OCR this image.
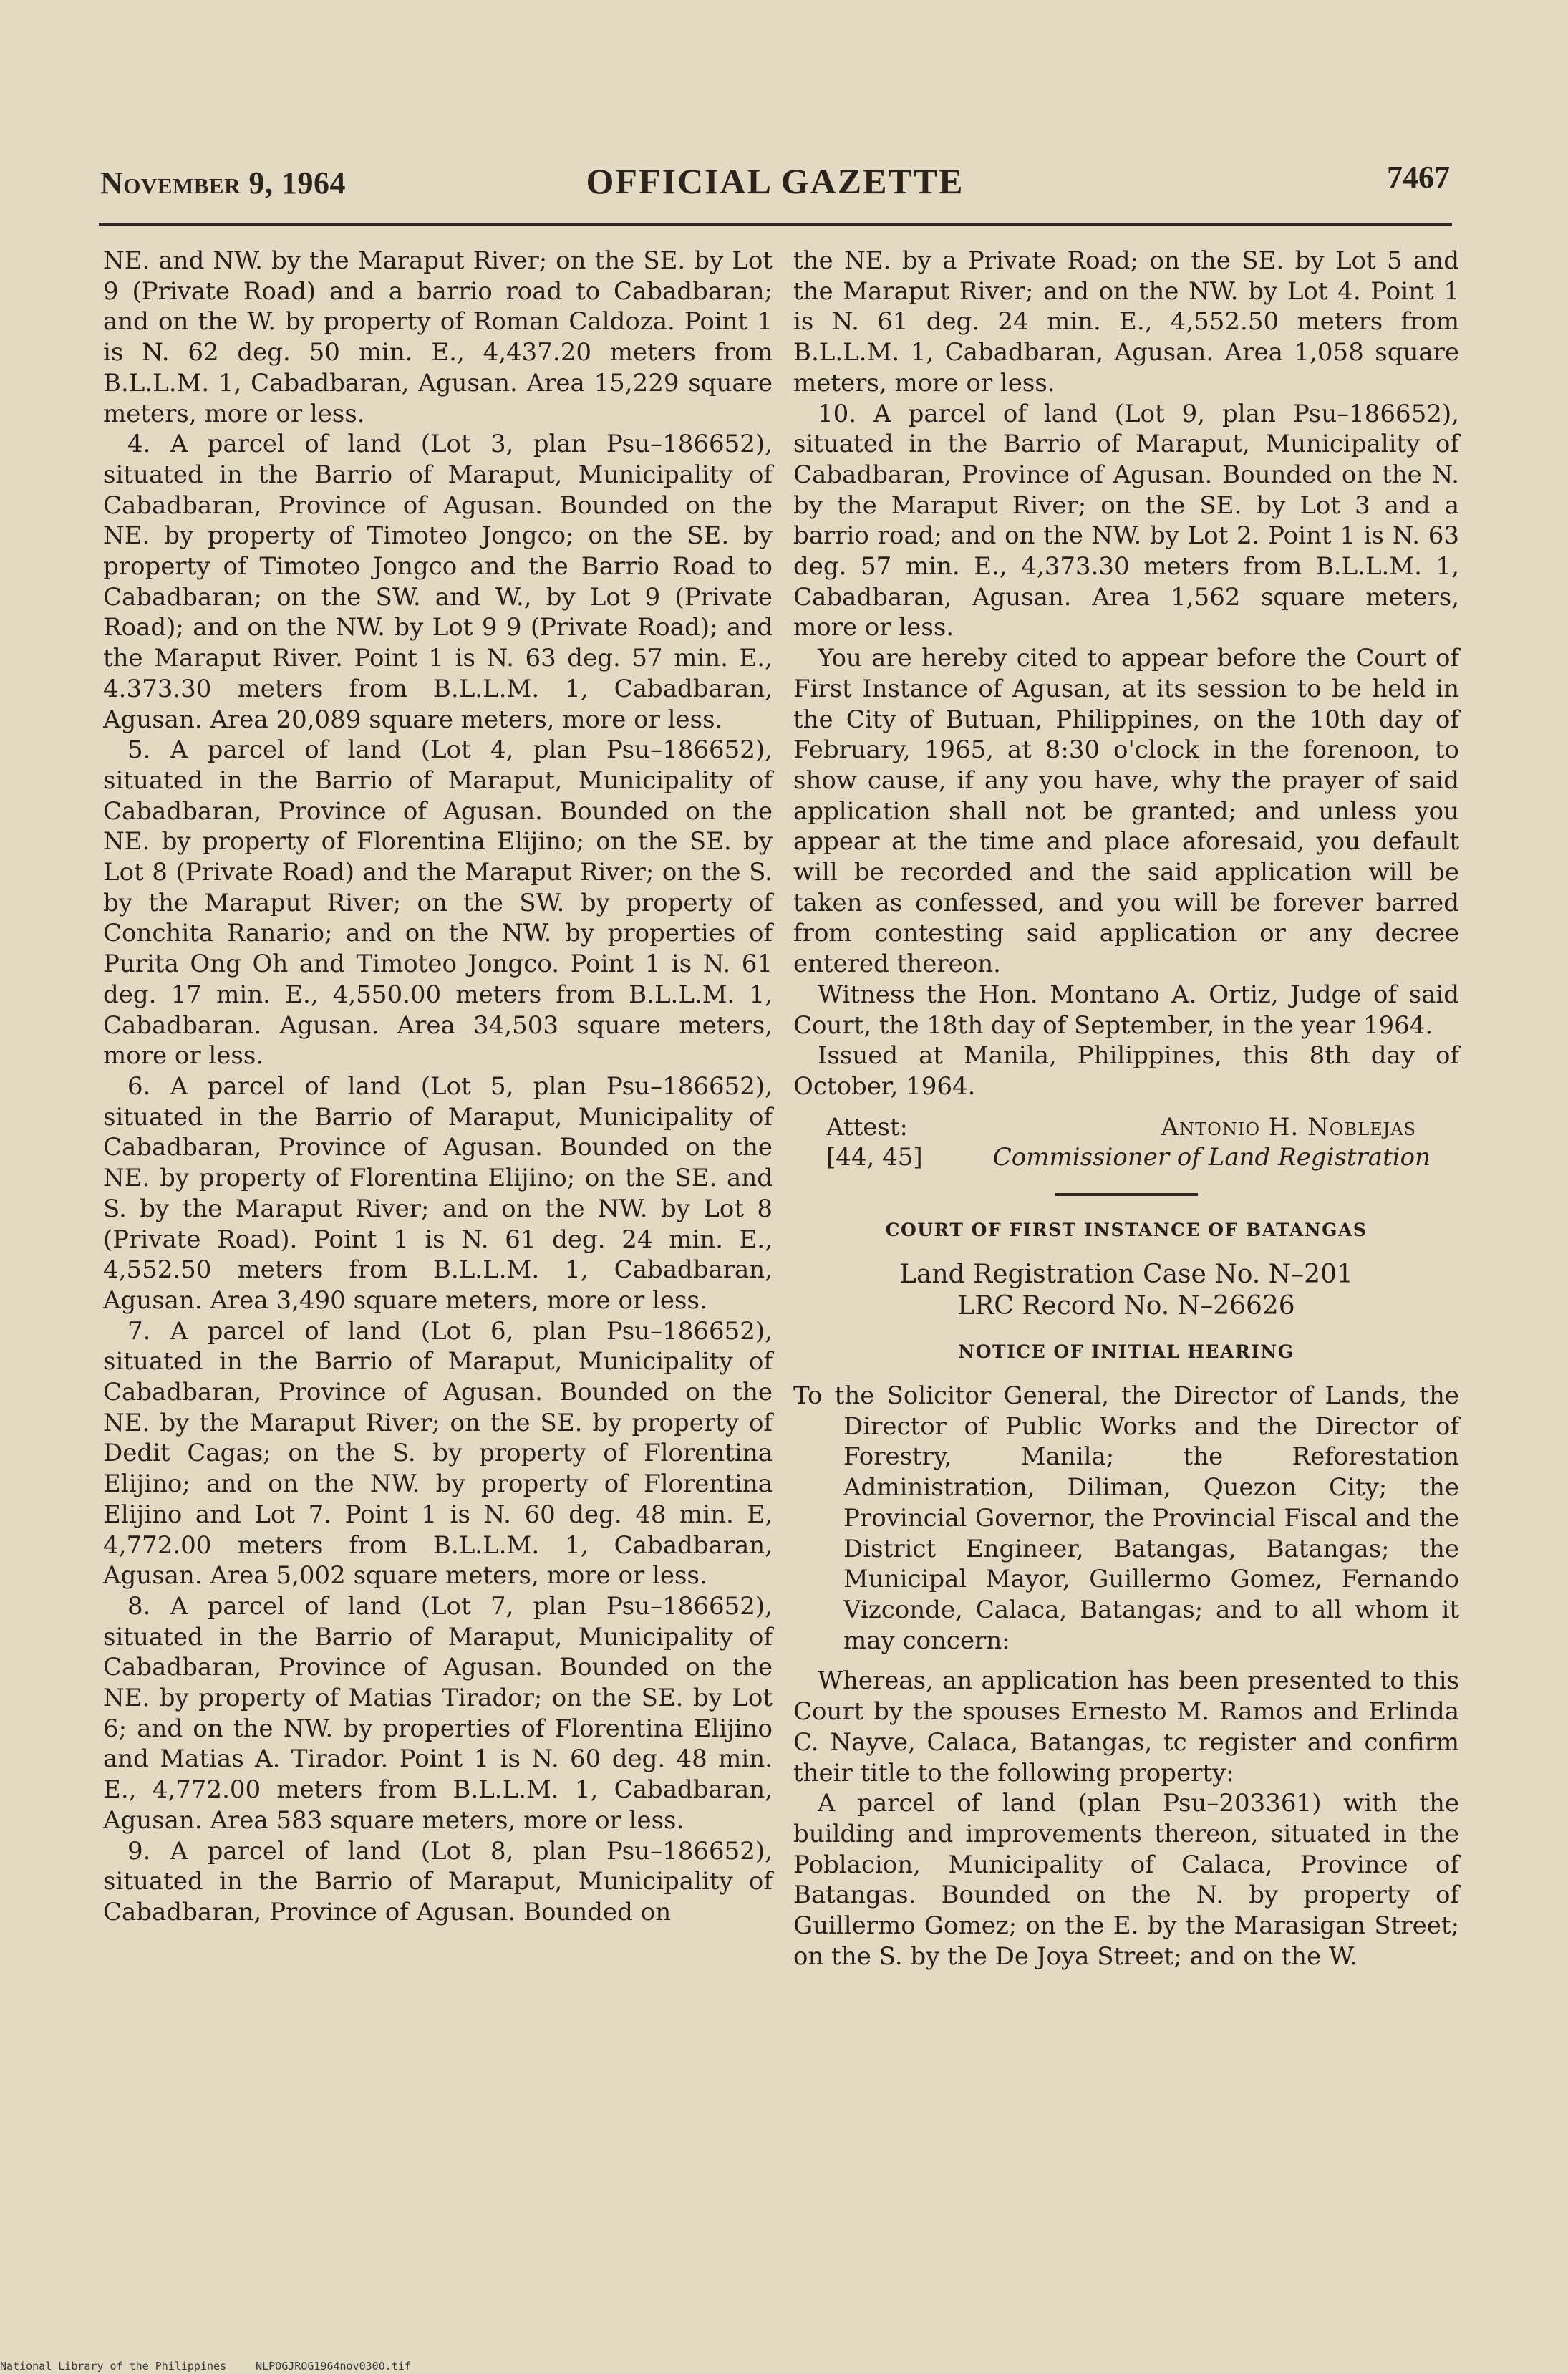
November 9, 1964	OFFICIAL GAZETTE	7467

NE. and NW. by the Maraput River; on the SE. by Lot 9 (Private Road) and a barrio road to Cabadbaran; and on the W. by property of Roman Caldoza. Point 1 is N. 62 deg. 50 min. E., 4,437.20 meters from B.L.L.M. 1, Cabadbaran, Agusan. Area 15,229 square meters, more or less.

4. A parcel of land (Lot 3, plan Psu–186652), situated in the Barrio of Maraput, Municipality of Cabadbaran, Province of Agusan. Bounded on the NE. by property of Timoteo Jongco; on the SE. by property of Timoteo Jongco and the Barrio Road to Cabadbaran; on the SW. and W., by Lot 9 (Private Road); and on the NW. by Lot 9 9 (Private Road); and the Maraput River. Point 1 is N. 63 deg. 57 min. E., 4.373.30 meters from B.L.L.M. 1, Cabadbaran, Agusan. Area 20,089 square meters, more or less.

5. A parcel of land (Lot 4, plan Psu–186652), situated in the Barrio of Maraput, Municipality of Cabadbaran, Province of Agusan. Bounded on the NE. by property of Florentina Elijino; on the SE. by Lot 8 (Private Road) and the Maraput River; on the S. by the Maraput River; on the SW. by property of Conchita Ranario; and on the NW. by properties of Purita Ong Oh and Timoteo Jongco. Point 1 is N. 61 deg. 17 min. E., 4,550.00 meters from B.L.L.M. 1, Cabadbaran. Agusan. Area 34,503 square meters, more or less.

6. A parcel of land (Lot 5, plan Psu–186652), situated in the Barrio of Maraput, Municipality of Cabadbaran, Province of Agusan. Bounded on the NE. by property of Florentina Elijino; on the SE. and S. by the Maraput River; and on the NW. by Lot 8 (Private Road). Point 1 is N. 61 deg. 24 min. E., 4,552.50 meters from B.L.L.M. 1, Cabadbaran, Agusan. Area 3,490 square meters, more or less.

7. A parcel of land (Lot 6, plan Psu–186652), situated in the Barrio of Maraput, Municipality of Cabadbaran, Province of Agusan. Bounded on the NE. by the Maraput River; on the SE. by property of Dedit Cagas; on the S. by property of Florentina Elijino; and on the NW. by property of Florentina Elijino and Lot 7. Point 1 is N. 60 deg. 48 min. E, 4,772.00 meters from B.L.L.M. 1, Cabadbaran, Agusan. Area 5,002 square meters, more or less.

8. A parcel of land (Lot 7, plan Psu–186652), situated in the Barrio of Maraput, Municipality of Cabadbaran, Province of Agusan. Bounded on the NE. by property of Matias Tirador; on the SE. by Lot 6; and on the NW. by properties of Florentina Elijino and Matias A. Tirador. Point 1 is N. 60 deg. 48 min. E., 4,772.00 meters from B.L.L.M. 1, Cabadbaran, Agusan. Area 583 square meters, more or less.

9. A parcel of land (Lot 8, plan Psu–186652), situated in the Barrio of Maraput, Municipality of Cabadbaran, Province of Agusan. Bounded on

the NE. by a Private Road; on the SE. by Lot 5 and the Maraput River; and on the NW. by Lot 4. Point 1 is N. 61 deg. 24 min. E., 4,552.50 meters from B.L.L.M. 1, Cabadbaran, Agusan. Area 1,058 square meters, more or less.

10. A parcel of land (Lot 9, plan Psu–186652), situated in the Barrio of Maraput, Municipality of Cabadbaran, Province of Agusan. Bounded on the N. by the Maraput River; on the SE. by Lot 3 and a barrio road; and on the NW. by Lot 2. Point 1 is N. 63 deg. 57 min. E., 4,373.30 meters from B.L.L.M. 1, Cabadbaran, Agusan. Area 1,562 square meters, more or less.

You are hereby cited to appear before the Court of First Instance of Agusan, at its session to be held in the City of Butuan, Philippines, on the 10th day of February, 1965, at 8:30 o'clock in the forenoon, to show cause, if any you have, why the prayer of said application shall not be granted; and unless you appear at the time and place aforesaid, you default will be recorded and the said application will be taken as confessed, and you will be forever barred from contesting said application or any decree entered thereon.

Witness the Hon. Montano A. Ortiz, Judge of said Court, the 18th day of September, in the year 1964.

Issued at Manila, Philippines, this 8th day of October, 1964.

Attest:	Antonio H. Noblejas
[44, 45]	Commissioner of Land Registration
COURT OF FIRST INSTANCE OF BATANGAS
Land Registration Case No. N–201
LRC Record No. N–26626
NOTICE OF INITIAL HEARING

To the Solicitor General, the Director of Lands, the Director of Public Works and the Director of Forestry, Manila; the Reforestation Administration, Diliman, Quezon City; the Provincial Governor, the Provincial Fiscal and the District Engineer, Batangas, Batangas; the Municipal Mayor, Guillermo Gomez, Fernando Vizconde, Calaca, Batangas; and to all whom it may concern:

Whereas, an application has been presented to this Court by the spouses Ernesto M. Ramos and Erlinda C. Nayve, Calaca, Batangas, tc register and confirm their title to the following property:

A parcel of land (plan Psu–203361) with the building and improvements thereon, situated in the Poblacion, Municipality of Calaca, Province of Batangas. Bounded on the N. by property of Guillermo Gomez; on the E. by the Marasigan Street; on the S. by the De Joya Street; and on the W.

National Library of the Philippines	NLPOGJROG1964nov0300.tif
